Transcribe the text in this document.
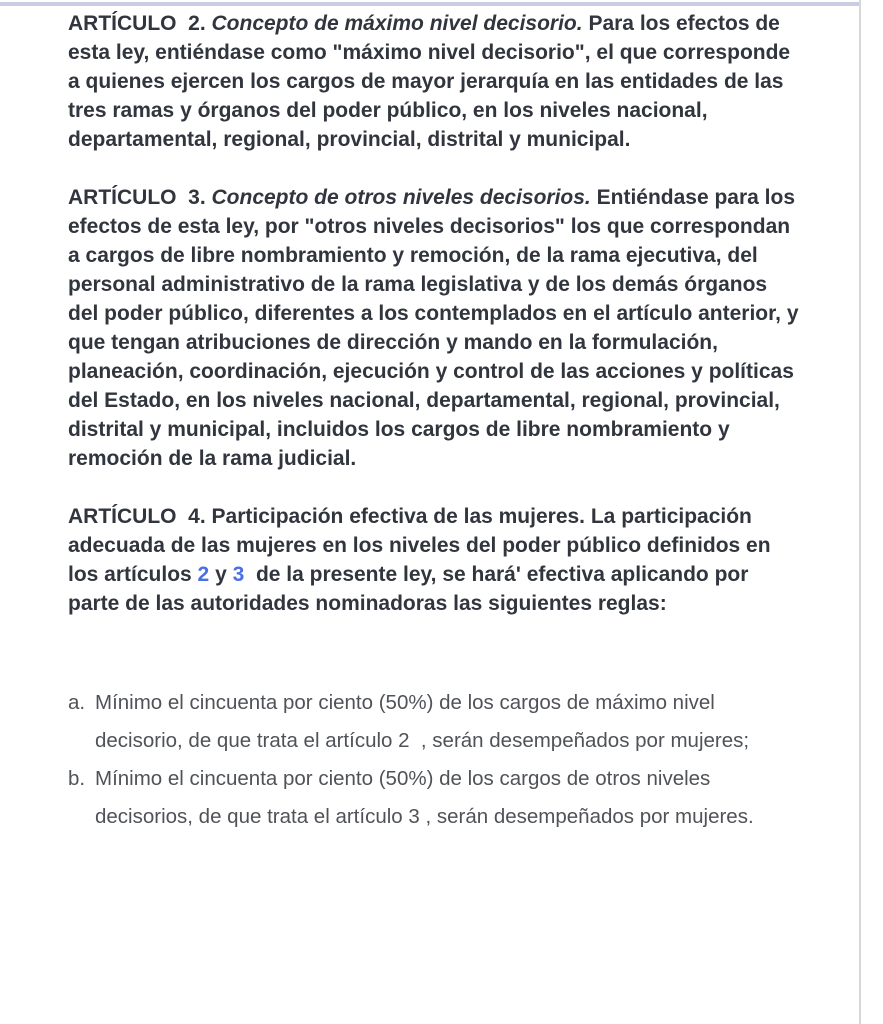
ARTÍCULO  2. Concepto de máximo nivel decisorio. Para los efectos de esta ley, entiéndase como "máximo nivel decisorio", el que corresponde a quienes ejercen los cargos de mayor jerarquía en las entidades de las tres ramas y órganos del poder público, en los niveles nacional, departamental, regional, provincial, distrital y municipal.

ARTÍCULO  3. Concepto de otros niveles decisorios. Entiéndase para los efectos de esta ley, por "otros niveles decisorios" los que correspondan a cargos de libre nombramiento y remoción, de la rama ejecutiva, del personal administrativo de la rama legislativa y de los demás órganos del poder público, diferentes a los contemplados en el artículo anterior, y que tengan atribuciones de dirección y mando en la formulación, planeación, coordinación, ejecución y control de las acciones y políticas del Estado, en los niveles nacional, departamental, regional, provincial, distrital y municipal, incluidos los cargos de libre nombramiento y remoción de la rama judicial.

ARTÍCULO  4. Participación efectiva de las mujeres. La participación adecuada de las mujeres en los niveles del poder público definidos en los artículos 2 y 3  de la presente ley, se hará' efectiva aplicando por parte de las autoridades nominadoras las siguientes reglas:

a. Mínimo el cincuenta por ciento (50%) de los cargos de máximo nivel decisorio, de que trata el artículo 2  , serán desempeñados por mujeres;
b. Mínimo el cincuenta por ciento (50%) de los cargos de otros niveles decisorios, de que trata el artículo 3 , serán desempeñados por mujeres.
